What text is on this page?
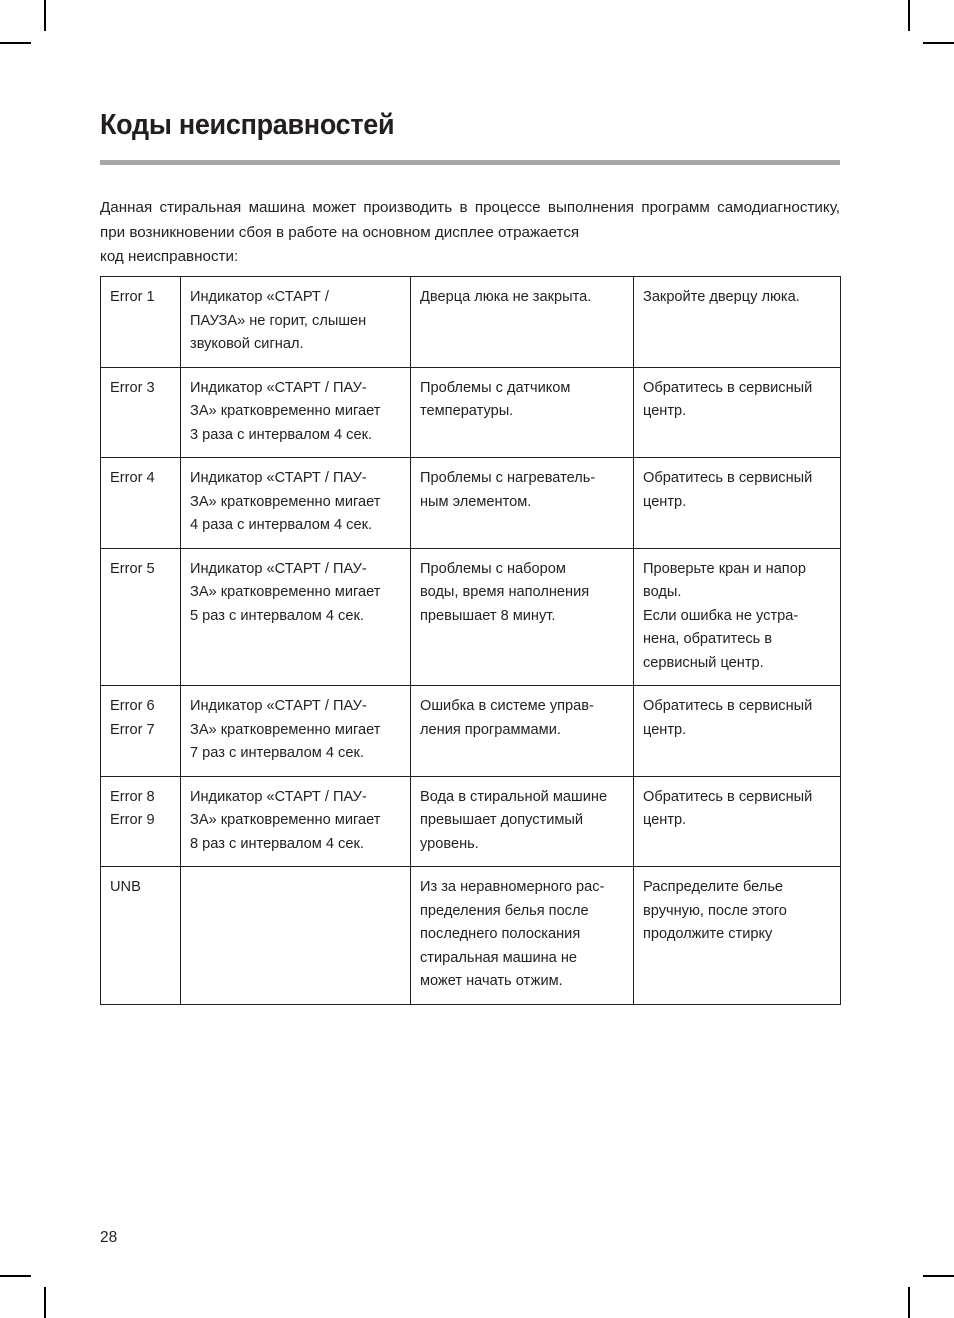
Коды неисправностей
Данная стиральная машина может производить в процессе выполнения программ самодиагностику, при возникновении сбоя в работе на основном дисплее отражается
код неисправности:
Error 1	Индикатор «СТАРТ /
ПАУЗА» не горит, слышен
звуковой сигнал.	Дверца люка не закрыта.	Закройте дверцу люка.

Error 3	Индикатор «СТАРТ / ПАУ-
ЗА» кратковременно мигает
3 раза с интервалом 4 сек.	Проблемы с датчиком
температуры.	Обратитесь в сервисный
центр.

Error 4	Индикатор «СТАРТ / ПАУ-
ЗА» кратковременно мигает
4 раза с интервалом 4 сек.	Проблемы с нагреватель-
ным элементом.	Обратитесь в сервисный
центр.

Error 5	Индикатор «СТАРТ / ПАУ-
ЗА» кратковременно мигает
5 раз с интервалом 4 сек.	Проблемы с набором
воды, время наполнения
превышает 8 минут.	Проверьте кран и напор
воды.
Если ошибка не устра-
нена, обратитесь в
сервисный центр.

Error 6
Error 7	Индикатор «СТАРТ / ПАУ-
ЗА» кратковременно мигает
7 раз с интервалом 4 сек.	Ошибка в системе управ-
ления программами.	Обратитесь в сервисный
центр.

Error 8
Error 9	Индикатор «СТАРТ / ПАУ-
ЗА» кратковременно мигает
8 раз с интервалом 4 сек.	Вода в стиральной машине
превышает допустимый
уровень.	Обратитесь в сервисный
центр.

UNB		Из за неравномерного рас-
пределения белья после
последнего полоскания
стиральная машина не
может начать отжим.	Распределите белье
вручную, после этого
продолжите стирку
28
